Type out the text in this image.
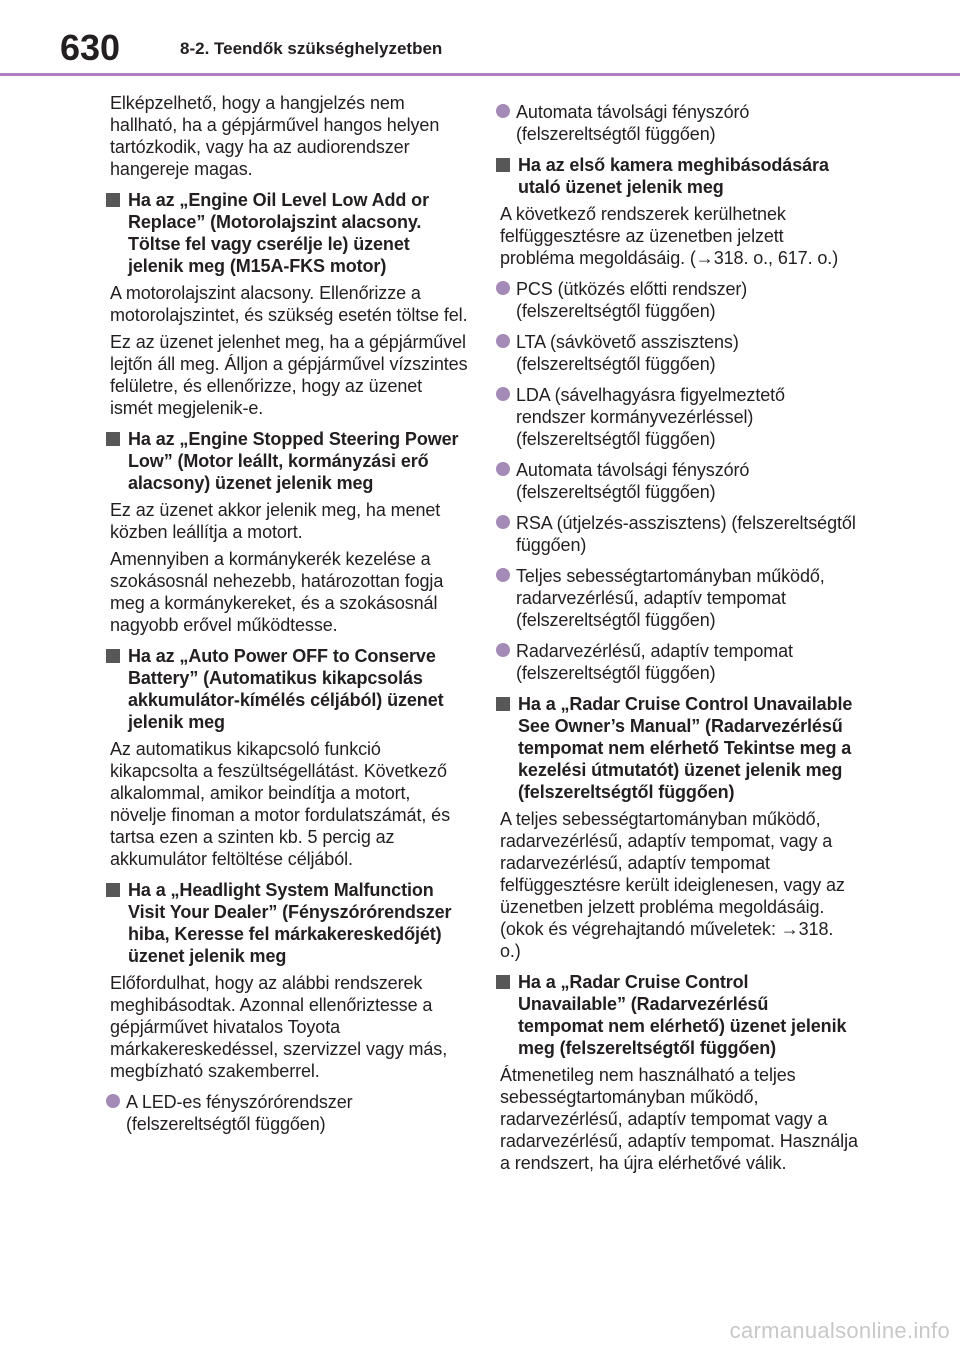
630	8-2. Teendők szükséghelyzetben

Elképzelhető, hogy a hangjelzés nem hallható, ha a gépjárművel hangos helyen tartózkodik, vagy ha az audiorendszer hangereje magas.

Ha az „Engine Oil Level Low Add or Replace” (Motorolajszint alacsony. Töltse fel vagy cserélje le) üzenet jelenik meg (M15A-FKS motor)

A motorolajszint alacsony. Ellenőrizze a motorolajszintet, és szükség esetén töltse fel.

Ez az üzenet jelenhet meg, ha a gépjárművel lejtőn áll meg. Álljon a gépjárművel vízszintes felületre, és ellenőrizze, hogy az üzenet ismét megjelenik-e.

Ha az „Engine Stopped Steering Power Low” (Motor leállt, kormányzási erő alacsony) üzenet jelenik meg

Ez az üzenet akkor jelenik meg, ha menet közben leállítja a motort.

Amennyiben a kormánykerék kezelése a szokásosnál nehezebb, határozottan fogja meg a kormánykereket, és a szokásosnál nagyobb erővel működtesse.

Ha az „Auto Power OFF to Conserve Battery” (Automatikus kikapcsolás akkumulátor-kímélés céljából) üzenet jelenik meg

Az automatikus kikapcsoló funkció kikapcsolta a feszültségellátást. Következő alkalommal, amikor beindítja a motort, növelje finoman a motor fordulatszámát, és tartsa ezen a szinten kb. 5 percig az akkumulátor feltöltése céljából.

Ha a „Headlight System Malfunction Visit Your Dealer” (Fényszórórendszer hiba, Keresse fel márkakereskedőjét) üzenet jelenik meg

Előfordulhat, hogy az alábbi rendszerek meghibásodtak. Azonnal ellenőriztesse a gépjárművet hivatalos Toyota márkakereskedéssel, szervizzel vagy más, megbízható szakemberrel.

A LED-es fényszórórendszer (felszereltségtől függően)

Automata távolsági fényszóró (felszereltségtől függően)

Ha az első kamera meghibásodására utaló üzenet jelenik meg

A következő rendszerek kerülhetnek felfüggesztésre az üzenetben jelzett probléma megoldásáig. (→318. o., 617. o.)

PCS (ütközés előtti rendszer) (felszereltségtől függően)

LTA (sávkövető asszisztens) (felszereltségtől függően)

LDA (sávelhagyásra figyelmeztető rendszer kormányvezérléssel) (felszereltségtől függően)

Automata távolsági fényszóró (felszereltségtől függően)

RSA (útjelzés-asszisztens) (felszereltségtől függően)

Teljes sebességtartományban működő, radarvezérlésű, adaptív tempomat (felszereltségtől függően)

Radarvezérlésű, adaptív tempomat (felszereltségtől függően)

Ha a „Radar Cruise Control Unavailable See Owner’s Manual” (Radarvezérlésű tempomat nem elérhető Tekintse meg a kezelési útmutatót) üzenet jelenik meg (felszereltségtől függően)

A teljes sebességtartományban működő, radarvezérlésű, adaptív tempomat, vagy a radarvezérlésű, adaptív tempomat felfüggesztésre került ideiglenesen, vagy az üzenetben jelzett probléma megoldásáig. (okok és végrehajtandó műveletek: →318. o.)

Ha a „Radar Cruise Control Unavailable” (Radarvezérlésű tempomat nem elérhető) üzenet jelenik meg (felszereltségtől függően)

Átmenetileg nem használható a teljes sebességtartományban működő, radarvezérlésű, adaptív tempomat vagy a radarvezérlésű, adaptív tempomat. Használja a rendszert, ha újra elérhetővé válik.

carmanualsonline.info
